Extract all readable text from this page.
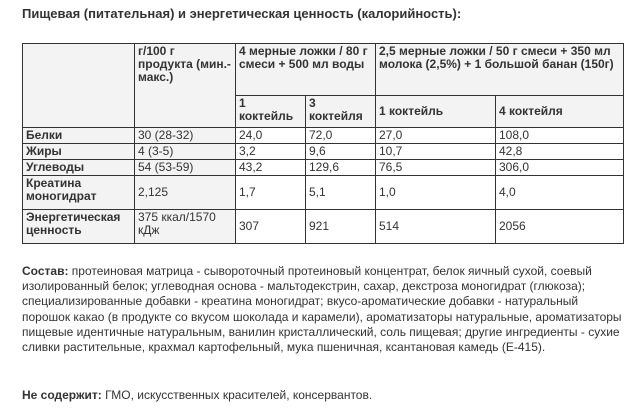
Пищевая (питательная) и энергетическая ценность (калорийность):
	г/100 г продукта (мин.-макс.)	4 мерные ложки / 80 г смеси + 500 мл воды		2,5 мерные ложки / 50 г смеси + 350 мл молока (2,5%) + 1 большой банан (150г)	
		1 коктейль	3 коктейля	1 коктейль	4 коктейля
Белки	30 (28-32)	24,0	72,0	27,0	108,0
Жиры	4 (3-5)	3,2	9,6	10,7	42,8
Углеводы	54 (53-59)	43,2	129,6	76,5	306,0
Креатина моногидрат	2,125	1,7	5,1	1,0	4,0
Энергетическая ценность	375 ккал/1570 кДж	307	921	514	2056
Состав: протеиновая матрица - сывороточный протеиновый концентрат, белок яичный сухой, соевый изолированный белок; углеводная основа - мальтодекстрин, сахар, декстроза моногидрат (глюкоза); специализированные добавки - креатина моногидрат; вкусо-ароматические добавки - натуральный порошок какао (в продукте со вкусом шоколада и карамели), ароматизаторы натуральные, ароматизаторы пищевые идентичные натуральным, ванилин кристаллический, соль пищевая; другие ингредиенты - сухие сливки растительные, крахмал картофельный, мука пшеничная, ксантановая камедь (Е-415).
Не содержит: ГМО, искусственных красителей, консервантов.
